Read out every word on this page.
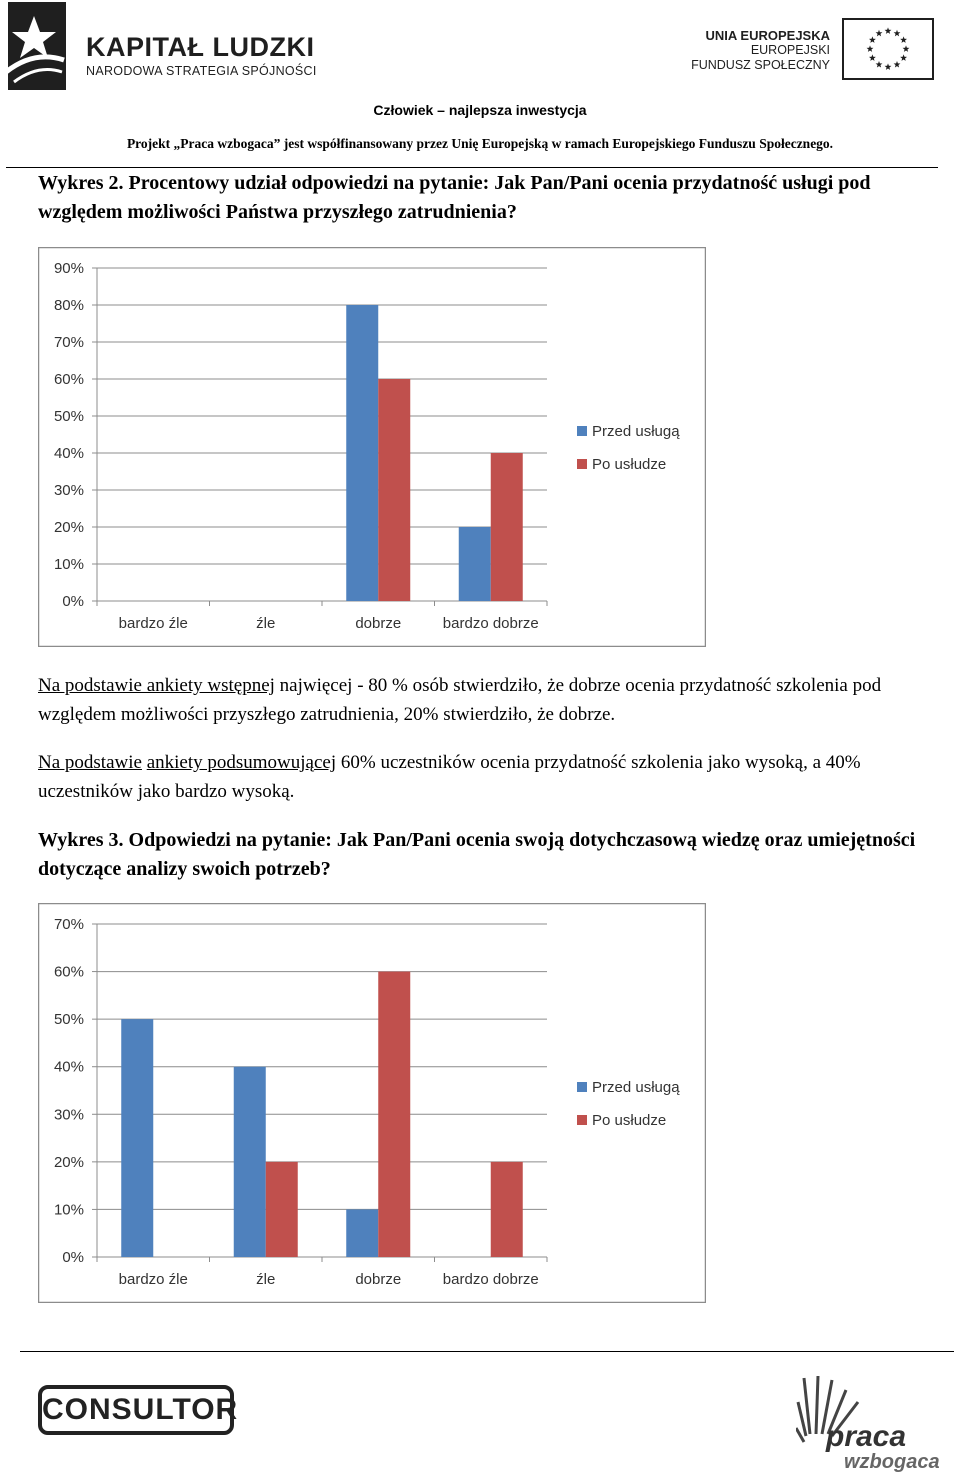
KAPITAŁ LUDZKI
NARODOWA STRATEGIA SPÓJNOŚCI
UNIA EUROPEJSKA
EUROPEJSKI
FUNDUSZ SPOŁECZNY
Człowiek – najlepsza inwestycja
Projekt „Praca wzbogaca” jest współfinansowany przez Unię Europejską w ramach Europejskiego Funduszu Społecznego.
Wykres 2. Procentowy udział odpowiedzi na pytanie: Jak Pan/Pani ocenia przydatność usługi pod względem możliwości Państwa przyszłego zatrudnienia?
0%
10%
20%
30%
40%
50%
60%
70%
80%
90%
bardzo źle	źle	dobrze	bardzo dobrze
Przed usługą
Po usłudze
Na podstawie ankiety wstępnej najwięcej - 80 % osób stwierdziło, że dobrze ocenia przydatność szkolenia pod względem możliwości przyszłego zatrudnienia, 20% stwierdziło, że dobrze.
Na podstawie ankiety podsumowującej 60% uczestników ocenia przydatność szkolenia jako wysoką, a 40% uczestników jako bardzo wysoką.
Wykres 3. Odpowiedzi na pytanie: Jak Pan/Pani ocenia swoją dotychczasową wiedzę oraz umiejętności dotyczące analizy swoich potrzeb?
0%
10%
20%
30%
40%
50%
60%
70%
bardzo źle	źle	dobrze	bardzo dobrze
Przed usługą
Po usłudze
CONSULTOR
praca
wzbogaca
